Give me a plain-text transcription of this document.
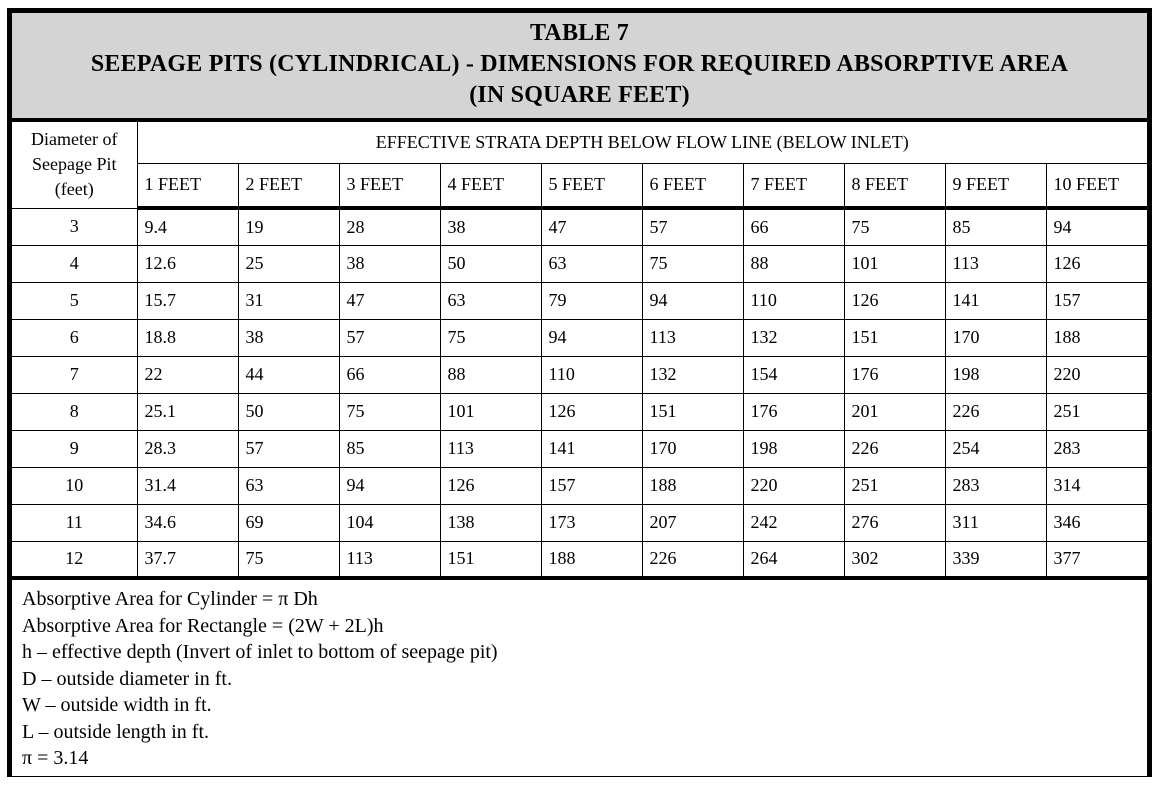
TABLE 7
SEEPAGE PITS (CYLINDRICAL) - DIMENSIONS FOR REQUIRED ABSORPTIVE AREA
(IN SQUARE FEET)
Diameter of Seepage Pit (feet)	EFFECTIVE STRATA DEPTH BELOW FLOW LINE (BELOW INLET)									
	1 FEET	2 FEET	3 FEET	4 FEET	5 FEET	6 FEET	7 FEET	8 FEET	9 FEET	10 FEET
3	9.4	19	28	38	47	57	66	75	85	94
4	12.6	25	38	50	63	75	88	101	113	126
5	15.7	31	47	63	79	94	110	126	141	157
6	18.8	38	57	75	94	113	132	151	170	188
7	22	44	66	88	110	132	154	176	198	220
8	25.1	50	75	101	126	151	176	201	226	251
9	28.3	57	85	113	141	170	198	226	254	283
10	31.4	63	94	126	157	188	220	251	283	314
11	34.6	69	104	138	173	207	242	276	311	346
12	37.7	75	113	151	188	226	264	302	339	377
Absorptive Area for Cylinder = π Dh
Absorptive Area for Rectangle = (2W + 2L)h
h – effective depth (Invert of inlet to bottom of seepage pit)
D – outside diameter in ft.
W – outside width in ft.
L – outside length in ft.
π = 3.14
